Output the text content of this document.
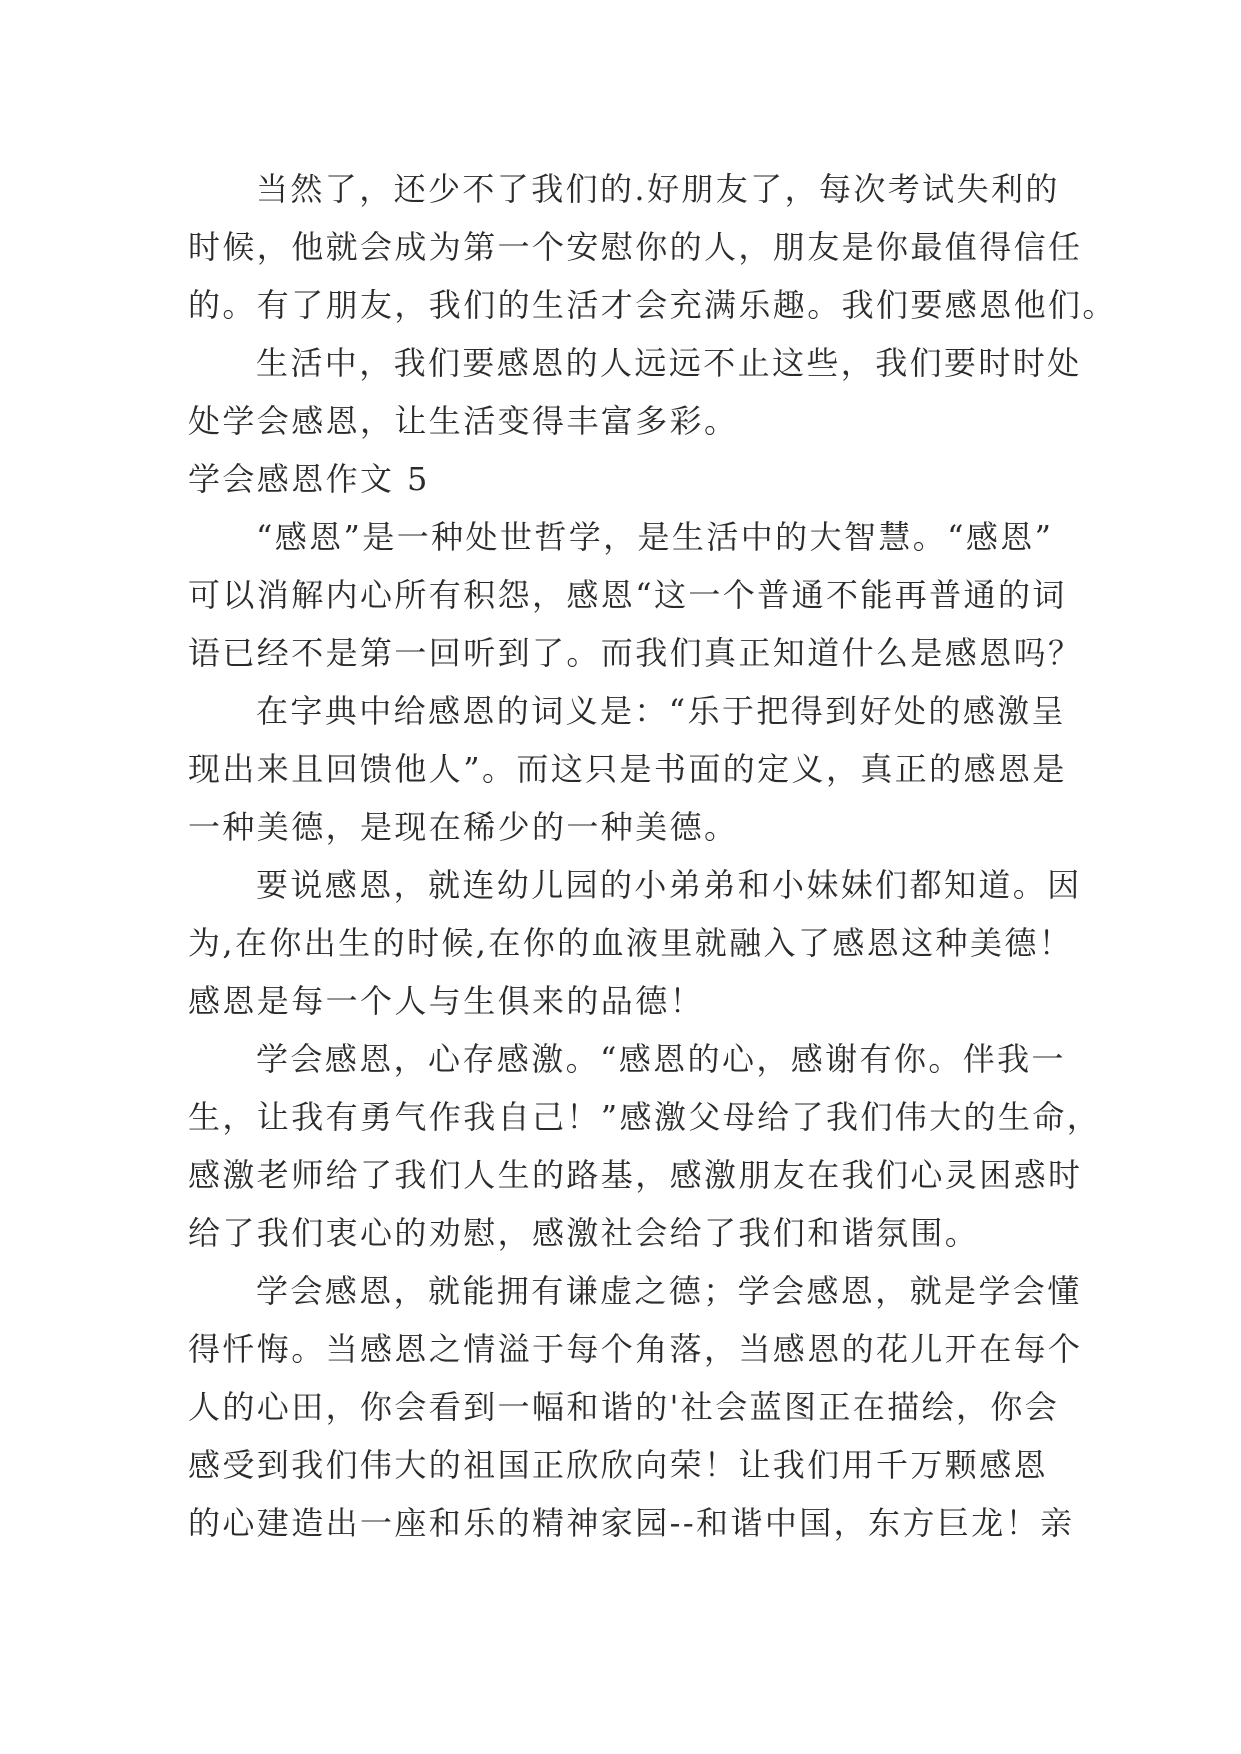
当然了，还少不了我们的.好朋友了，每次考试失利的
时候，他就会成为第一个安慰你的人，朋友是你最值得信任
的。有了朋友，我们的生活才会充满乐趣。我们要感恩他们。
生活中，我们要感恩的人远远不止这些，我们要时时处
处学会感恩，让生活变得丰富多彩。
学会感恩作文 5
“感恩”是一种处世哲学，是生活中的大智慧。“感恩”
可以消解内心所有积怨，感恩“这一个普通不能再普通的词
语已经不是第一回听到了。而我们真正知道什么是感恩吗？
在字典中给感恩的词义是：“乐于把得到好处的感激呈
现出来且回馈他人”。而这只是书面的定义，真正的感恩是
一种美德，是现在稀少的一种美德。
要说感恩，就连幼儿园的小弟弟和小妹妹们都知道。因
为,在你出生的时候,在你的血液里就融入了感恩这种美德！
感恩是每一个人与生俱来的品德！
学会感恩，心存感激。“感恩的心，感谢有你。伴我一
生，让我有勇气作我自己！”感激父母给了我们伟大的生命，
感激老师给了我们人生的路基，感激朋友在我们心灵困惑时
给了我们衷心的劝慰，感激社会给了我们和谐氛围。
学会感恩，就能拥有谦虚之德；学会感恩，就是学会懂
得忏悔。当感恩之情溢于每个角落，当感恩的花儿开在每个
人的心田，你会看到一幅和谐的'社会蓝图正在描绘，你会
感受到我们伟大的祖国正欣欣向荣！让我们用千万颗感恩
的心建造出一座和乐的精神家园--和谐中国，东方巨龙！亲
